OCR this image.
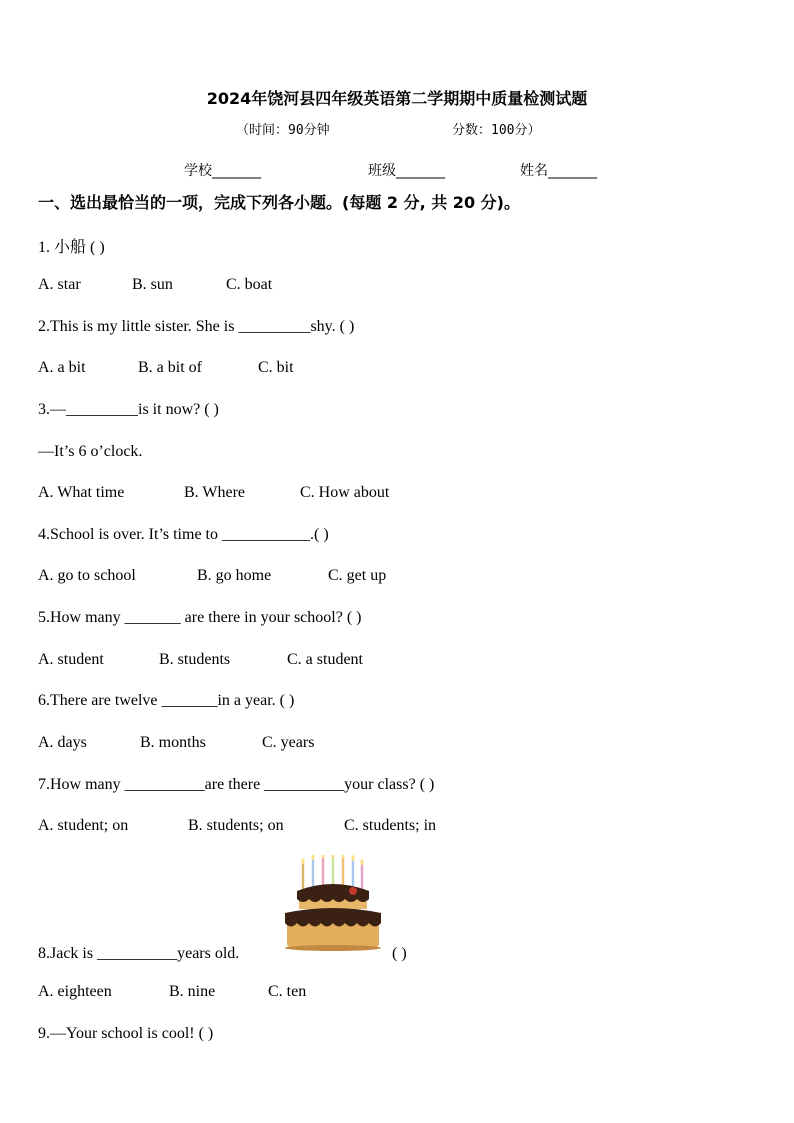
2024年饶河县四年级英语第二学期期中质量检测试题
（时间：90分钟	分数：100分）
学校_______	班级_______	姓名_______
一、选出最恰当的一项，完成下列各小题。(每题 2 分, 共 20 分)。
1. 小船 ( )
A. star	B. sun	C. boat
2.This is my little sister. She is _________shy. ( )
A. a bit	B. a bit of	C. bit
3.—_________is it now? ( )
—It’s 6 o’clock.
A. What time	B. Where	C. How about
4.School is over. It’s time to ___________.( )
A. go to school	B. go home	C. get up
5.How many _______ are there in your school? ( )
A. student	B. students	C. a student
6.There are twelve _______in a year. ( )
A. days	B. months	C. years
7.How many __________are there __________your class? ( )
A. student; on	B. students; on	C. students; in
8.Jack is __________years old.	( )
A. eighteen	B. nine	C. ten
9.—Your school is cool! ( )
